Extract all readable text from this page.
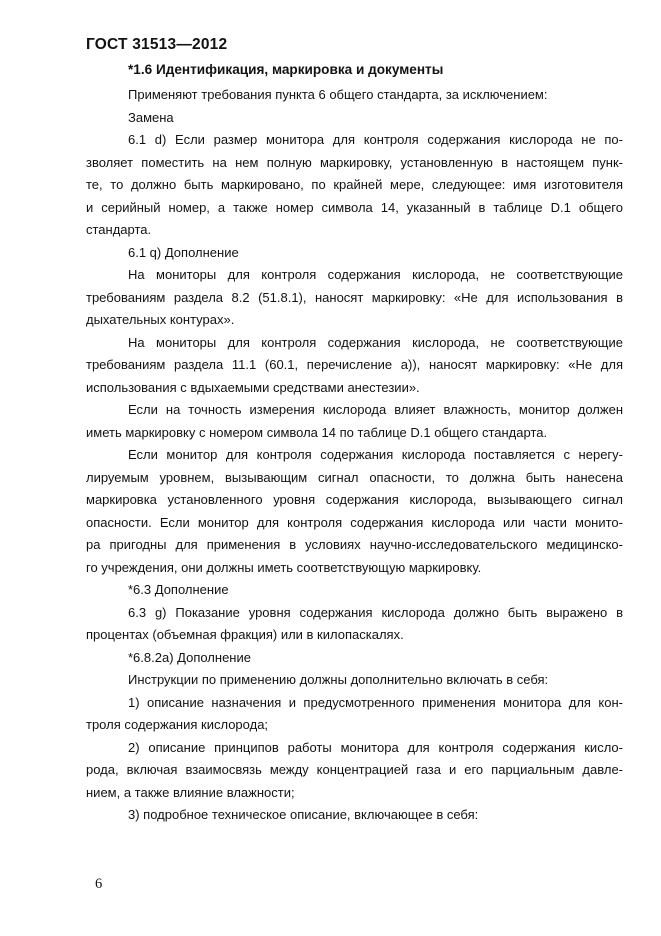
ГОСТ 31513—2012
*1.6 Идентификация, маркировка и документы
Применяют требования пункта 6 общего стандарта, за исключением:
Замена
6.1 d) Если размер монитора для контроля содержания кислорода не по-
зволяет поместить на нем полную маркировку, установленную в настоящем пунк-
те, то должно быть маркировано, по крайней мере, следующее: имя изготовителя
и серийный номер, а также номер символа 14, указанный в таблице D.1 общего
стандарта.
6.1 q) Дополнение
На мониторы для контроля содержания кислорода, не соответствующие
требованиям раздела 8.2 (51.8.1), наносят маркировку: «Не для использования в
дыхательных контурах».
На мониторы для контроля содержания кислорода, не соответствующие
требованиям раздела 11.1 (60.1, перечисление а)), наносят маркировку: «Не для
использования с вдыхаемыми средствами анестезии».
Если на точность измерения кислорода влияет влажность, монитор должен
иметь маркировку с номером символа 14 по таблице D.1 общего стандарта.
Если монитор для контроля содержания кислорода поставляется с нерегу-
лируемым уровнем, вызывающим сигнал опасности, то должна быть нанесена
маркировка установленного уровня содержания кислорода, вызывающего сигнал
опасности. Если монитор для контроля содержания кислорода или части монито-
ра пригодны для применения в условиях научно-исследовательского медицинско-
го учреждения, они должны иметь соответствующую маркировку.
*6.3 Дополнение
6.3 g) Показание уровня содержания кислорода должно быть выражено в
процентах (объемная фракция) или в килопаскалях.
*6.8.2а) Дополнение
Инструкции по применению должны дополнительно включать в себя:
1) описание назначения и предусмотренного применения монитора для кон-
троля содержания кислорода;
2) описание принципов работы монитора для контроля содержания кисло-
рода, включая взаимосвязь между концентрацией газа и его парциальным давле-
нием, а также влияние влажности;
3) подробное техническое описание, включающее в себя:
6
